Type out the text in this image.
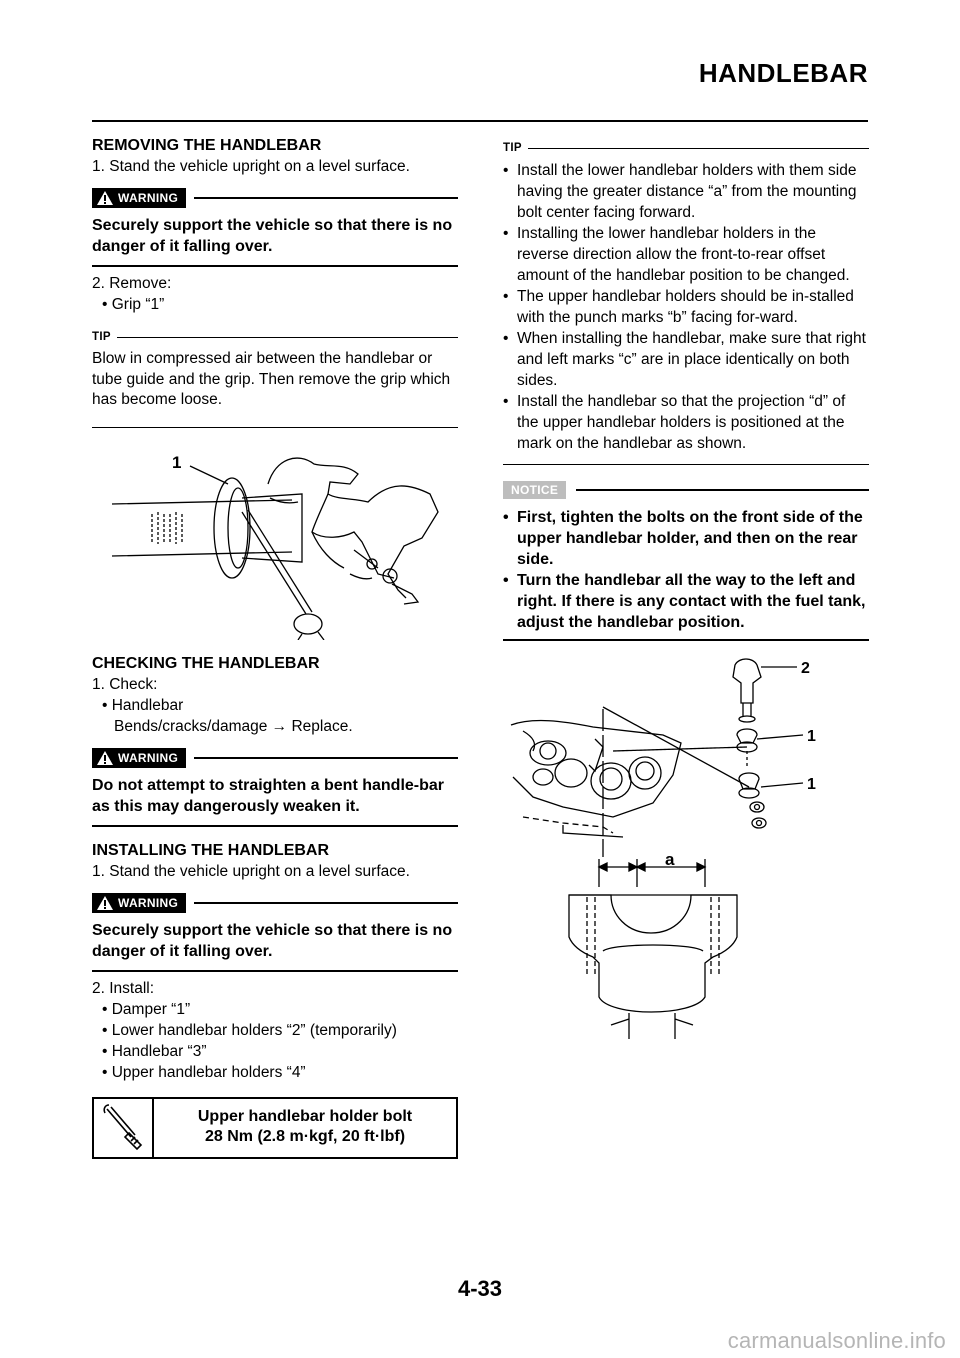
HANDLEBAR
REMOVING THE HANDLEBAR
1. Stand the vehicle upright on a level surface.
WARNING
Securely support the vehicle so that there is no danger of it falling over.
2. Remove:
• Grip “1”
TIP
Blow in compressed air between the handlebar or tube guide and the grip. Then remove the grip which has become loose.
1
CHECKING THE HANDLEBAR
1. Check:
• Handlebar
Bends/cracks/damage → Replace.
WARNING
Do not attempt to straighten a bent handle-bar as this may dangerously weaken it.
INSTALLING THE HANDLEBAR
1. Stand the vehicle upright on a level surface.
WARNING
Securely support the vehicle so that there is no danger of it falling over.
2. Install:
• Damper “1”
• Lower handlebar holders “2” (temporarily)
• Handlebar “3”
• Upper handlebar holders “4”
Upper handlebar holder bolt
28 Nm (2.8 m·kgf, 20 ft·lbf)
TIP
• Install the lower handlebar holders with them side having the greater distance “a” from the mounting bolt center facing forward.
• Installing the lower handlebar holders in the reverse direction allow the front-to-rear offset amount of the handlebar position to be changed.
• The upper handlebar holders should be in-stalled with the punch marks “b” facing for-ward.
• When installing the handlebar, make sure that right and left marks “c” are in place identically on both sides.
• Install the handlebar so that the projection “d” of the upper handlebar holders is positioned at the mark on the handlebar as shown.
NOTICE
• First, tighten the bolts on the front side of the upper handlebar holder, and then on the rear side.
• Turn the handlebar all the way to the left and right. If there is any contact with the fuel tank, adjust the handlebar position.
2
1
1
a
4-33
carmanualsonline.info
